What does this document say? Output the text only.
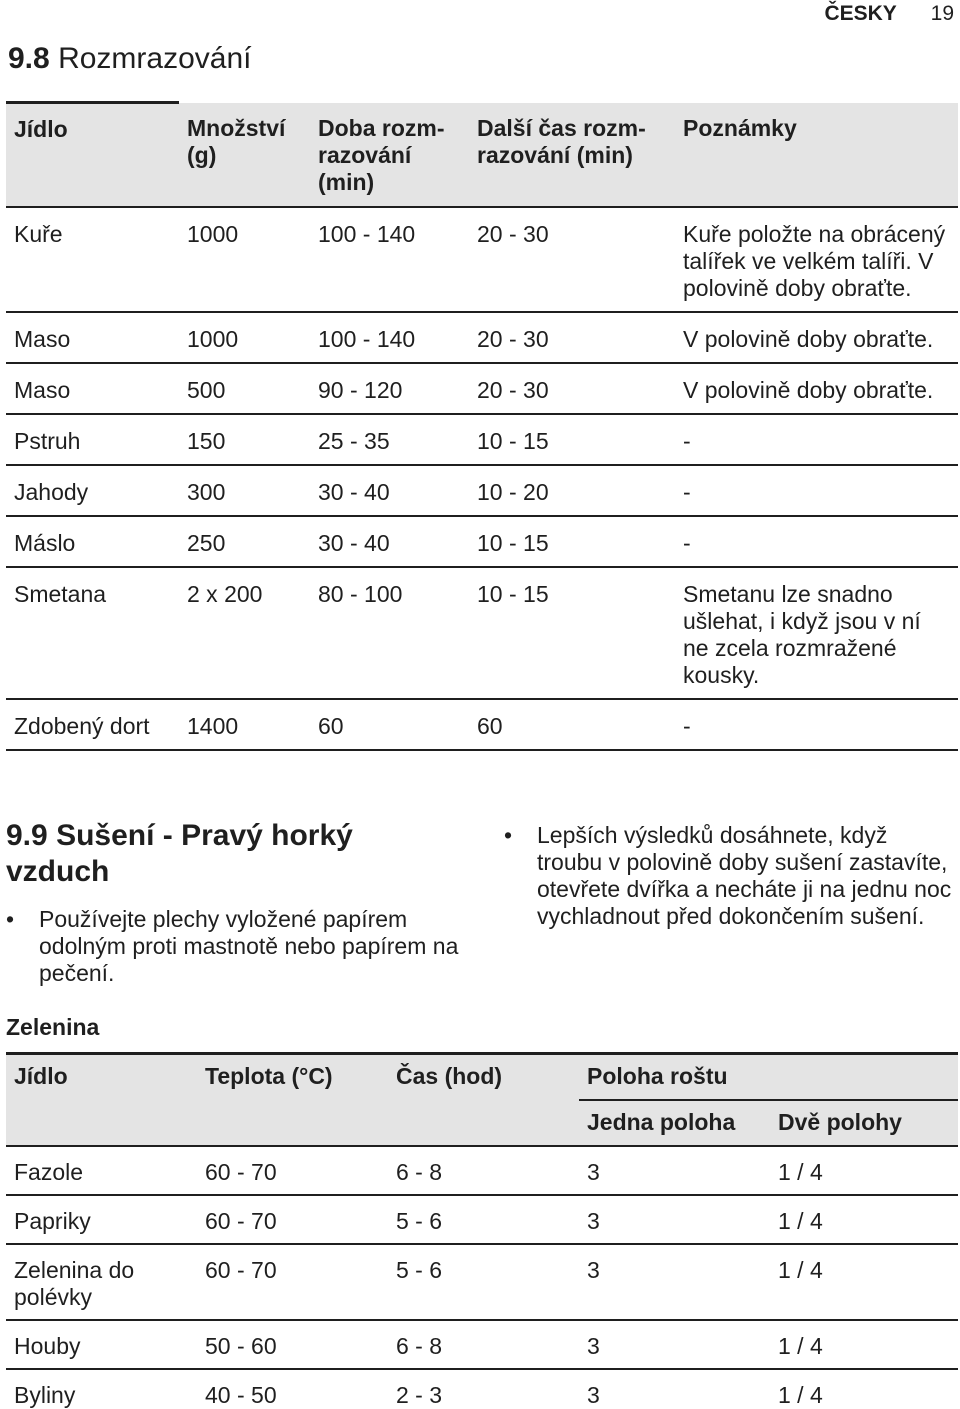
ČESKY 19
9.8 Rozmrazování
Jídlo	Množství (g)	Doba rozmrazování (min)	Další čas rozmrazování (min)	Poznámky
Kuře	1000	100 - 140	20 - 30	Kuře položte na obrácený talířek ve velkém talíři. V polovině doby obraťte.
Maso	1000	100 - 140	20 - 30	V polovině doby obraťte.
Maso	500	90 - 120	20 - 30	V polovině doby obraťte.
Pstruh	150	25 - 35	10 - 15	-
Jahody	300	30 - 40	10 - 20	-
Máslo	250	30 - 40	10 - 15	-
Smetana	2 x 200	80 - 100	10 - 15	Smetanu lze snadno ušlehat, i když jsou v ní ne zcela rozmražené kousky.
Zdobený dort	1400	60	60	-
9.9 Sušení - Pravý horký vzduch
• Používejte plechy vyložené papírem odolným proti mastnotě nebo papírem na pečení.
• Lepších výsledků dosáhnete, když troubu v polovině doby sušení zastavíte, otevřete dvířka a necháte ji na jednu noc vychladnout před dokončením sušení.
Zelenina
Jídlo	Teplota (°C)	Čas (hod)	Poloha roštu	
			Jedna poloha	Dvě polohy
Fazole	60 - 70	6 - 8	3	1 / 4
Papriky	60 - 70	5 - 6	3	1 / 4
Zelenina do polévky	60 - 70	5 - 6	3	1 / 4
Houby	50 - 60	6 - 8	3	1 / 4
Byliny	40 - 50	2 - 3	3	1 / 4
